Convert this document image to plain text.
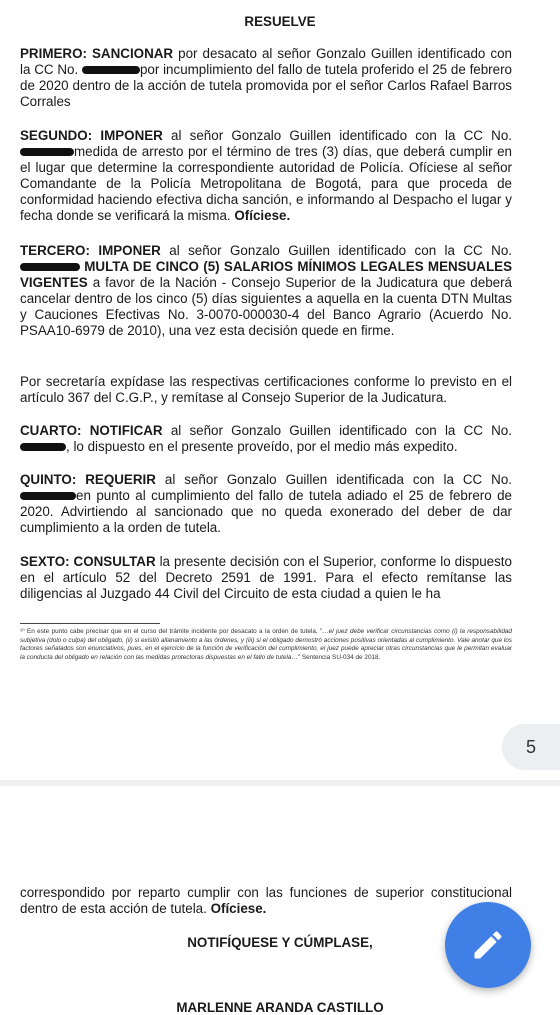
RESUELVE
PRIMERO: SANCIONAR por desacato al señor Gonzalo Guillen identificado con la CC No.	por incumplimiento del fallo de tutela proferido el 25 de febrero de 2020 dentro de la acción de tutela promovida por el señor Carlos Rafael Barros Corrales
SEGUNDO: IMPONER al señor Gonzalo Guillen identificado con la CC No. medida de arresto por el término de tres (3) días, que deberá cumplir en el lugar que determine la correspondiente autoridad de Policía. Ofíciese al señor Comandante de la Policía Metropolitana de Bogotá, para que proceda de conformidad haciendo efectiva dicha sanción, e informando al Despacho el lugar y fecha donde se verificará la misma. Ofíciese.
TERCERO: IMPONER al señor Gonzalo Guillen identificado con la CC No.  MULTA DE CINCO (5) SALARIOS MÍNIMOS LEGALES MENSUALES VIGENTES a favor de la Nación - Consejo Superior de la Judicatura que deberá cancelar dentro de los cinco (5) días siguientes a aquella en la cuenta DTN Multas y Cauciones Efectivas No. 3-0070-000030-4 del Banco Agrario (Acuerdo No. PSAA10-6979 de 2010), una vez esta decisión quede en firme.
Por secretaría expídase las respectivas certificaciones conforme lo previsto en el artículo 367 del C.G.P., y remítase al Consejo Superior de la Judicatura.
CUARTO: NOTIFICAR al señor Gonzalo Guillen identificado con la CC No. , lo dispuesto en el presente proveído, por el medio más expedito.
QUINTO: REQUERIR al señor Gonzalo Guillen identificada con la CC No. en punto al cumplimiento del fallo de tutela adiado el 25 de febrero de 2020. Advirtiendo al sancionado que no queda exonerado del deber de dar cumplimiento a la orden de tutela.
SEXTO: CONSULTAR la presente decisión con el Superior, conforme lo dispuesto en el artículo 52 del Decreto 2591 de 1991. Para el efecto remítanse las diligencias al Juzgado 44 Civil del Circuito de esta ciudad a quien le ha
¹⁰ En este punto cabe precisar que en el curso del trámite incidente por desacato a la orden de tutela, "…el juez debe verificar circunstancias como (i) la responsabilidad subjetiva (dolo o culpa) del obligado, (ii) si existió allanamiento a las órdenes, y (iii) si el obligado demostró acciones positivas orientadas al cumplimiento. Vale anotar que los factores señalados son enunciativos, pues, en el ejercicio de la función de verificación del cumplimiento, el juez puede apreciar otras circunstancias que le permitan evaluar la conducta del obligado en relación con las medidas protectoras dispuestas en el fallo de tutela…" Sentencia SU-034 de 2018.
5
correspondido por reparto cumplir con las funciones de superior constitucional dentro de esta acción de tutela. Ofíciese.
NOTIFÍQUESE Y CÚMPLASE,
MARLENNE ARANDA CASTILLO
